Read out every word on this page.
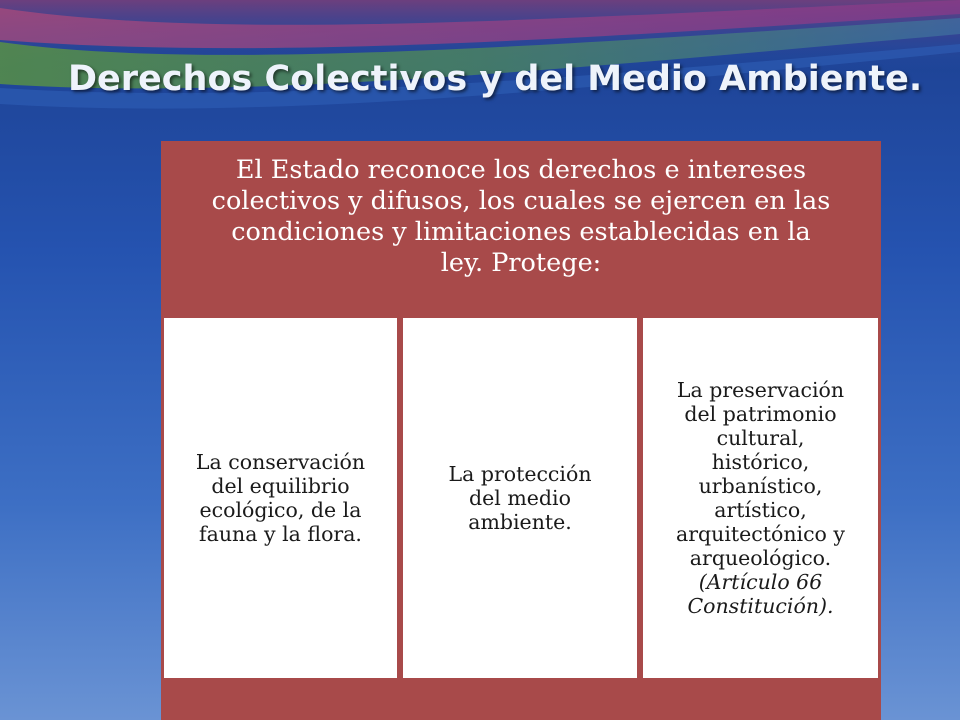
Derechos Colectivos y del Medio Ambiente.
El Estado reconoce los derechos e intereses
colectivos y difusos, los cuales se ejercen en las
condiciones y limitaciones establecidas en la
ley. Protege:
La conservación
del equilibrio
ecológico, de la
fauna y la flora.
La protección
del medio
ambiente.
La preservación
del patrimonio
cultural,
histórico,
urbanístico,
artístico,
arquitectónico y
arqueológico.
(Artículo 66
Constitución).
